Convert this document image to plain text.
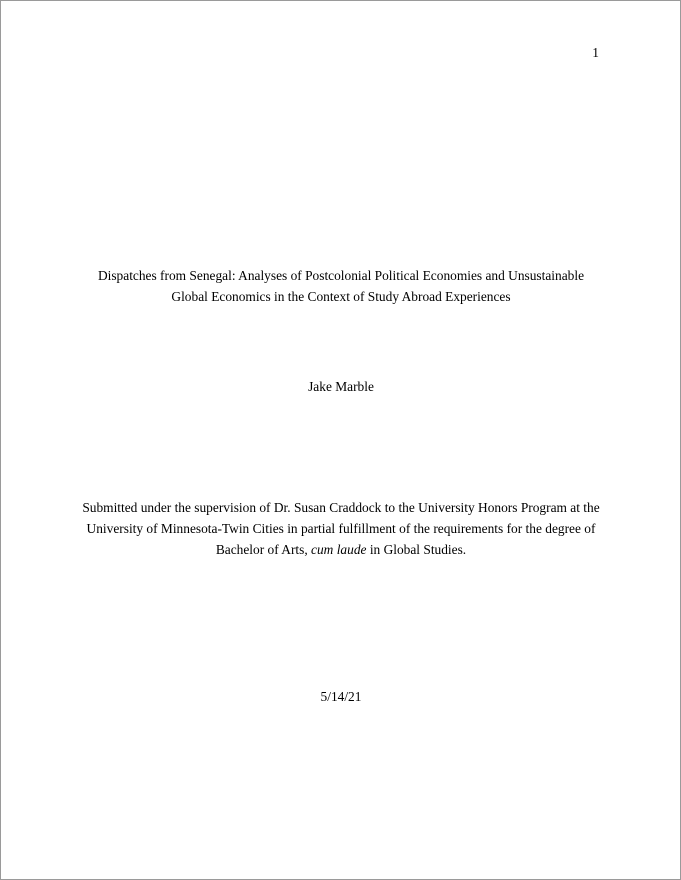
1
Dispatches from Senegal: Analyses of Postcolonial Political Economies and Unsustainable
Global Economics in the Context of Study Abroad Experiences
Jake Marble
Submitted under the supervision of Dr. Susan Craddock to the University Honors Program at the
University of Minnesota-Twin Cities in partial fulfillment of the requirements for the degree of
Bachelor of Arts, cum laude in Global Studies.
5/14/21
